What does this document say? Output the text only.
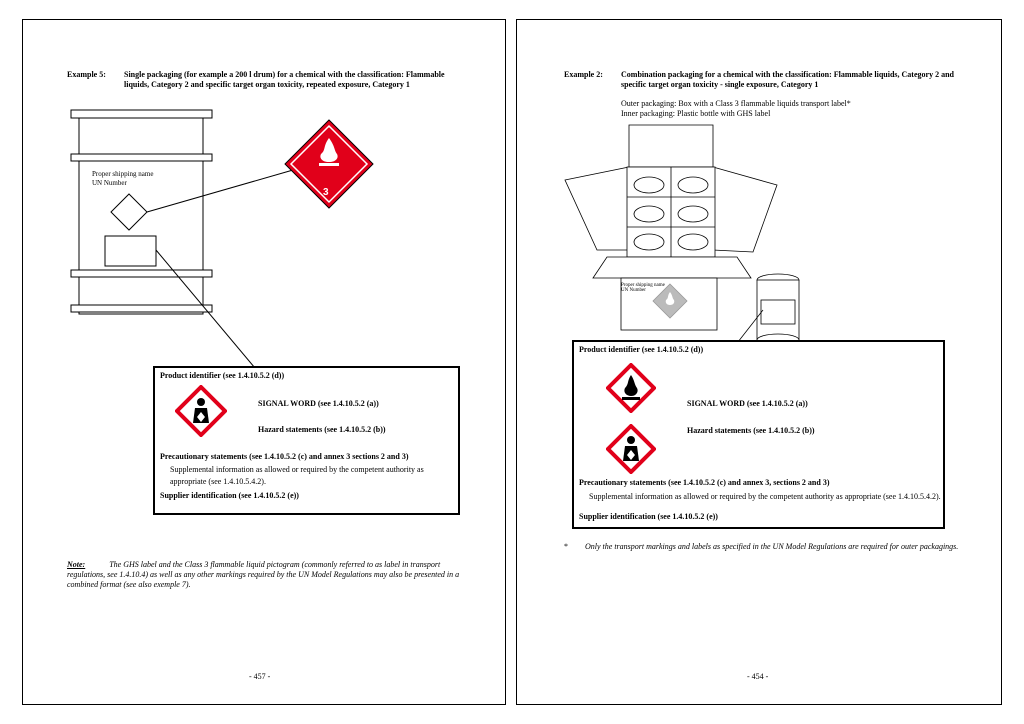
Example 5: Single packaging (for example a 200 l drum) for a chemical with the classification: Flammable liquids, Category 2 and specific target organ toxicity, repeated exposure, Category 1
Proper shipping name
UN Number
3
Product identifier (see 1.4.10.5.2 (d))
SIGNAL WORD (see 1.4.10.5.2 (a))
Hazard statements (see 1.4.10.5.2 (b))
Precautionary statements (see 1.4.10.5.2 (c) and annex 3 sections 2 and 3)
Supplemental information as allowed or required by the competent authority as
appropriate (see 1.4.10.5.4.2).
Supplier identification (see 1.4.10.5.2 (e))
Note:	The GHS label and the Class 3 flammable liquid pictogram (commonly referred to as label in transport regulations, see 1.4.10.4) as well as any other markings required by the UN Model Regulations may also be presented in a combined format (see also exemple 7).
- 457 -
Example 2: Combination packaging for a chemical with the classification: Flammable liquids, Category 2 and specific target organ toxicity - single exposure, Category 1
Outer packaging: Box with a Class 3 flammable liquids transport label*
Inner packaging: Plastic bottle with GHS label
Proper shipping name
UN Number
Product identifier (see 1.4.10.5.2 (d))
SIGNAL WORD (see 1.4.10.5.2 (a))
Hazard statements (see 1.4.10.5.2 (b))
Precautionary statements (see 1.4.10.5.2 (c) and annex 3, sections 2 and 3)
Supplemental information as allowed or required by the competent authority as appropriate (see 1.4.10.5.4.2).
Supplier identification (see 1.4.10.5.2 (e))
* Only the transport markings and labels as specified in the UN Model Regulations are required for outer packagings.
- 454 -
